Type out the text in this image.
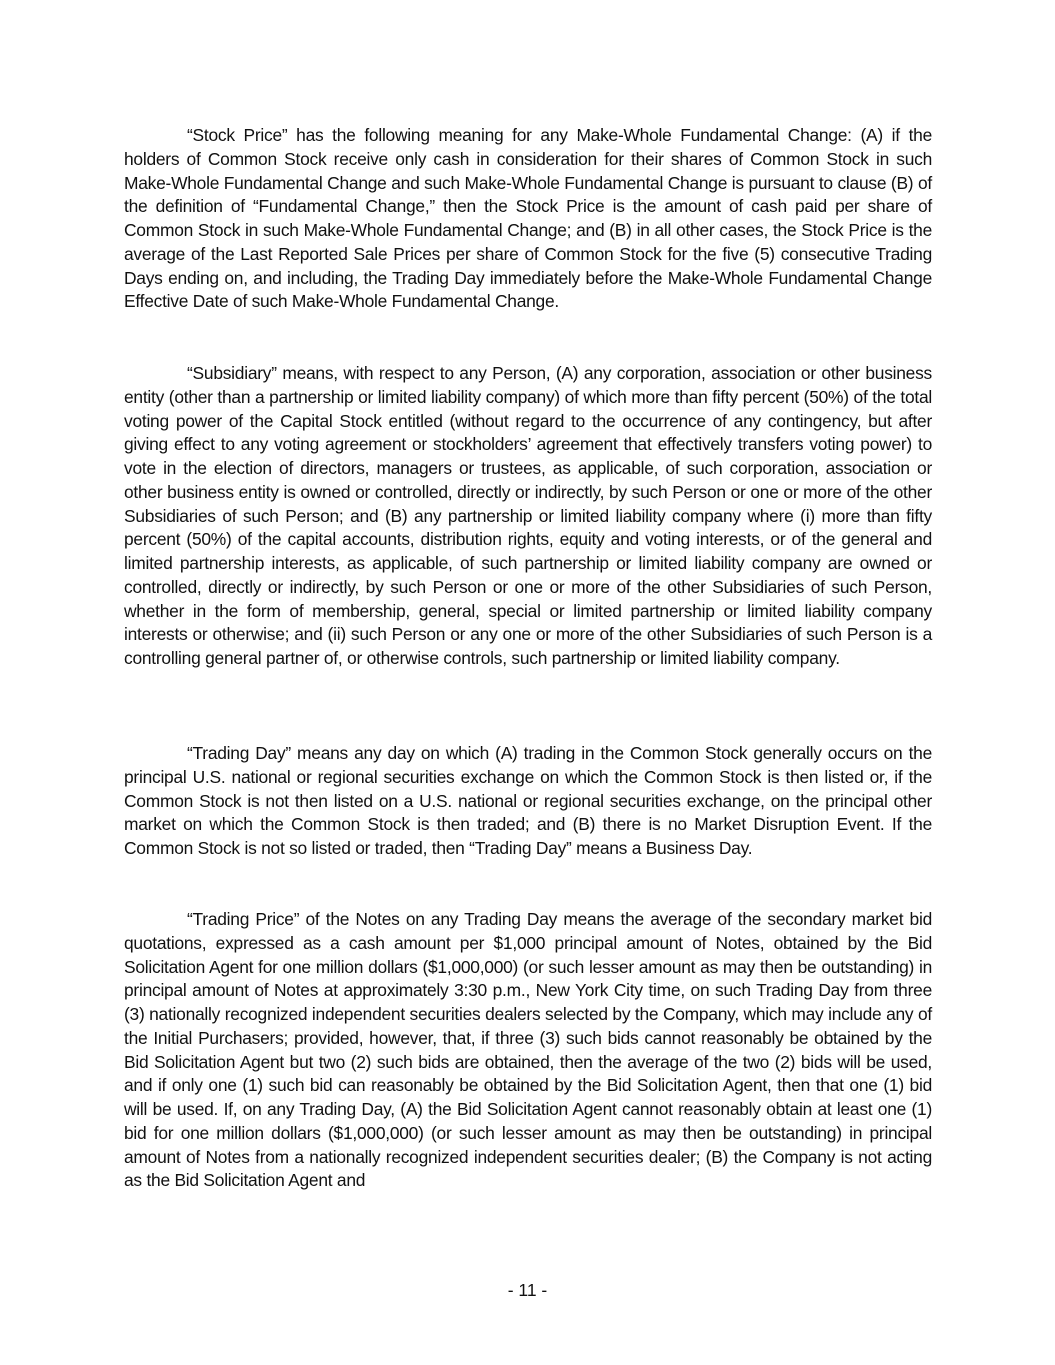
“Stock Price” has the following meaning for any Make-Whole Fundamental Change: (A) if the holders of Common Stock receive only cash in consideration for their shares of Common Stock in such Make-Whole Fundamental Change and such Make-Whole Fundamental Change is pursuant to clause (B) of the definition of “Fundamental Change,” then the Stock Price is the amount of cash paid per share of Common Stock in such Make-Whole Fundamental Change; and (B) in all other cases, the Stock Price is the average of the Last Reported Sale Prices per share of Common Stock for the five (5) consecutive Trading Days ending on, and including, the Trading Day immediately before the Make-Whole Fundamental Change Effective Date of such Make-Whole Fundamental Change.

“Subsidiary” means, with respect to any Person, (A) any corporation, association or other business entity (other than a partnership or limited liability company) of which more than fifty percent (50%) of the total voting power of the Capital Stock entitled (without regard to the occurrence of any contingency, but after giving effect to any voting agreement or stockholders’ agreement that effectively transfers voting power) to vote in the election of directors, managers or trustees, as applicable, of such corporation, association or other business entity is owned or controlled, directly or indirectly, by such Person or one or more of the other Subsidiaries of such Person; and (B) any partnership or limited liability company where (i) more than fifty percent (50%) of the capital accounts, distribution rights, equity and voting interests, or of the general and limited partnership interests, as applicable, of such partnership or limited liability company are owned or controlled, directly or indirectly, by such Person or one or more of the other Subsidiaries of such Person, whether in the form of membership, general, special or limited partnership or limited liability company interests or otherwise; and (ii) such Person or any one or more of the other Subsidiaries of such Person is a controlling general partner of, or otherwise controls, such partnership or limited liability company.

“Trading Day” means any day on which (A) trading in the Common Stock generally occurs on the principal U.S. national or regional securities exchange on which the Common Stock is then listed or, if the Common Stock is not then listed on a U.S. national or regional securities exchange, on the principal other market on which the Common Stock is then traded; and (B) there is no Market Disruption Event. If the Common Stock is not so listed or traded, then “Trading Day” means a Business Day.

“Trading Price” of the Notes on any Trading Day means the average of the secondary market bid quotations, expressed as a cash amount per $1,000 principal amount of Notes, obtained by the Bid Solicitation Agent for one million dollars ($1,000,000) (or such lesser amount as may then be outstanding) in principal amount of Notes at approximately 3:30 p.m., New York City time, on such Trading Day from three (3) nationally recognized independent securities dealers selected by the Company, which may include any of the Initial Purchasers; provided, however, that, if three (3) such bids cannot reasonably be obtained by the Bid Solicitation Agent but two (2) such bids are obtained, then the average of the two (2) bids will be used, and if only one (1) such bid can reasonably be obtained by the Bid Solicitation Agent, then that one (1) bid will be used. If, on any Trading Day, (A) the Bid Solicitation Agent cannot reasonably obtain at least one (1) bid for one million dollars ($1,000,000) (or such lesser amount as may then be outstanding) in principal amount of Notes from a nationally recognized independent securities dealer; (B) the Company is not acting as the Bid Solicitation Agent and

- 11 -
